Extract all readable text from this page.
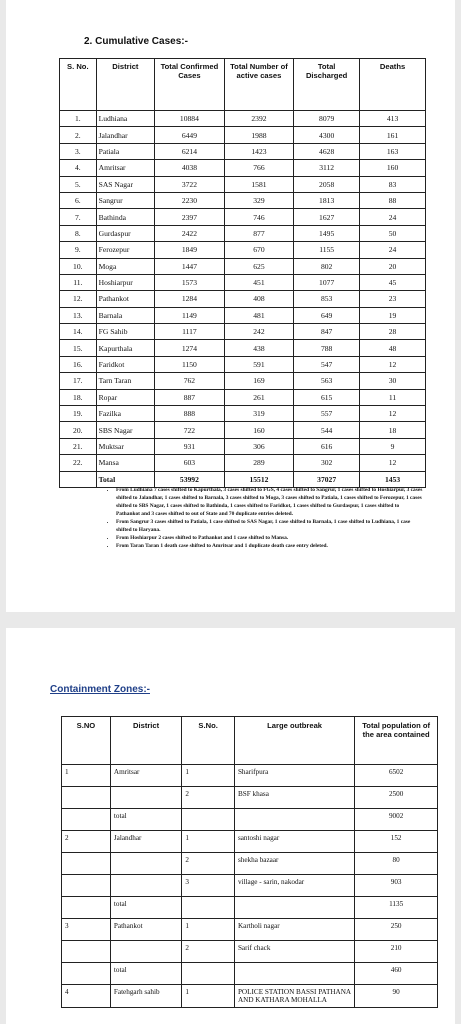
2. Cumulative Cases:-
S. No.	District	Total Confirmed Cases	Total Number of active cases	Total Discharged	Deaths
1.	Ludhiana	10884	2392	8079	413
2.	Jalandhar	6449	1988	4300	161
3.	Patiala	6214	1423	4628	163
4.	Amritsar	4038	766	3112	160
5.	SAS Nagar	3722	1581	2058	83
6.	Sangrur	2230	329	1813	88
7.	Bathinda	2397	746	1627	24
8.	Gurdaspur	2422	877	1495	50
9.	Ferozepur	1849	670	1155	24
10.	Moga	1447	625	802	20
11.	Hoshiarpur	1573	451	1077	45
12.	Pathankot	1284	408	853	23
13.	Barnala	1149	481	649	19
14.	FG Sahib	1117	242	847	28
15.	Kapurthala	1274	438	788	48
16.	Faridkot	1150	591	547	12
17.	Tarn Taran	762	169	563	30
18.	Ropar	887	261	615	11
19.	Fazilka	888	319	557	12
20.	SBS Nagar	722	160	544	18
21.	Muktsar	931	306	616	9
22.	Mansa	603	289	302	12
	Total	53992	15512	37027	1453
• From Ludhiana 7 cases shifted to Kapurthala, 3 cases shifted to FGS, 4 cases shifted to Sangrur, 1 cases shifted to Hoshiarpur, 3 cases shifted to Jalandhar, 1 cases shifted to Barnala, 3 cases shifted to Moga, 3 cases shifted to Patiala, 1 cases shifted to Ferozepur, 1 cases shifted to SBS Nagar, 1 cases shifted to Bathinda, 1 cases shifted to Faridkot, 1 cases shifted to Gurdaspur, 1 cases shifted to Pathankot and 3 cases shifted to out of State and 70 duplicate entries deleted.
• From Sangrur 3 cases shifted to Patiala, 1 case shifted to SAS Nagar, 1 case shifted to Barnala, 1 case shifted to Ludhiana, 1 case shifted to Haryana.
• From Hoshiarpur 2 cases shifted to Pathankot and 1 case shifted to Mansa.
• From Taran Taran 1 death case shifted to Amritsar and 1 duplicate death case entry deleted.
Containment Zones:-
S.NO	District	S.No.	Large outbreak	Total population of the area contained
1	Amritsar	1	Sharifpura	6502
		2	BSF khasa	2500
	total			9002
2	Jalandhar	1	santoshi nagar	152
		2	shekha bazaar	80
		3	village - sarin, nakodar	903
	total			1135
3	Pathankot	1	Kartholi nagar	250
		2	Sarif chack	210
	total			460
4	Fatehgarh sahib	1	POLICE STATION BASSI PATHANA AND KATHARA MOHALLA	90
